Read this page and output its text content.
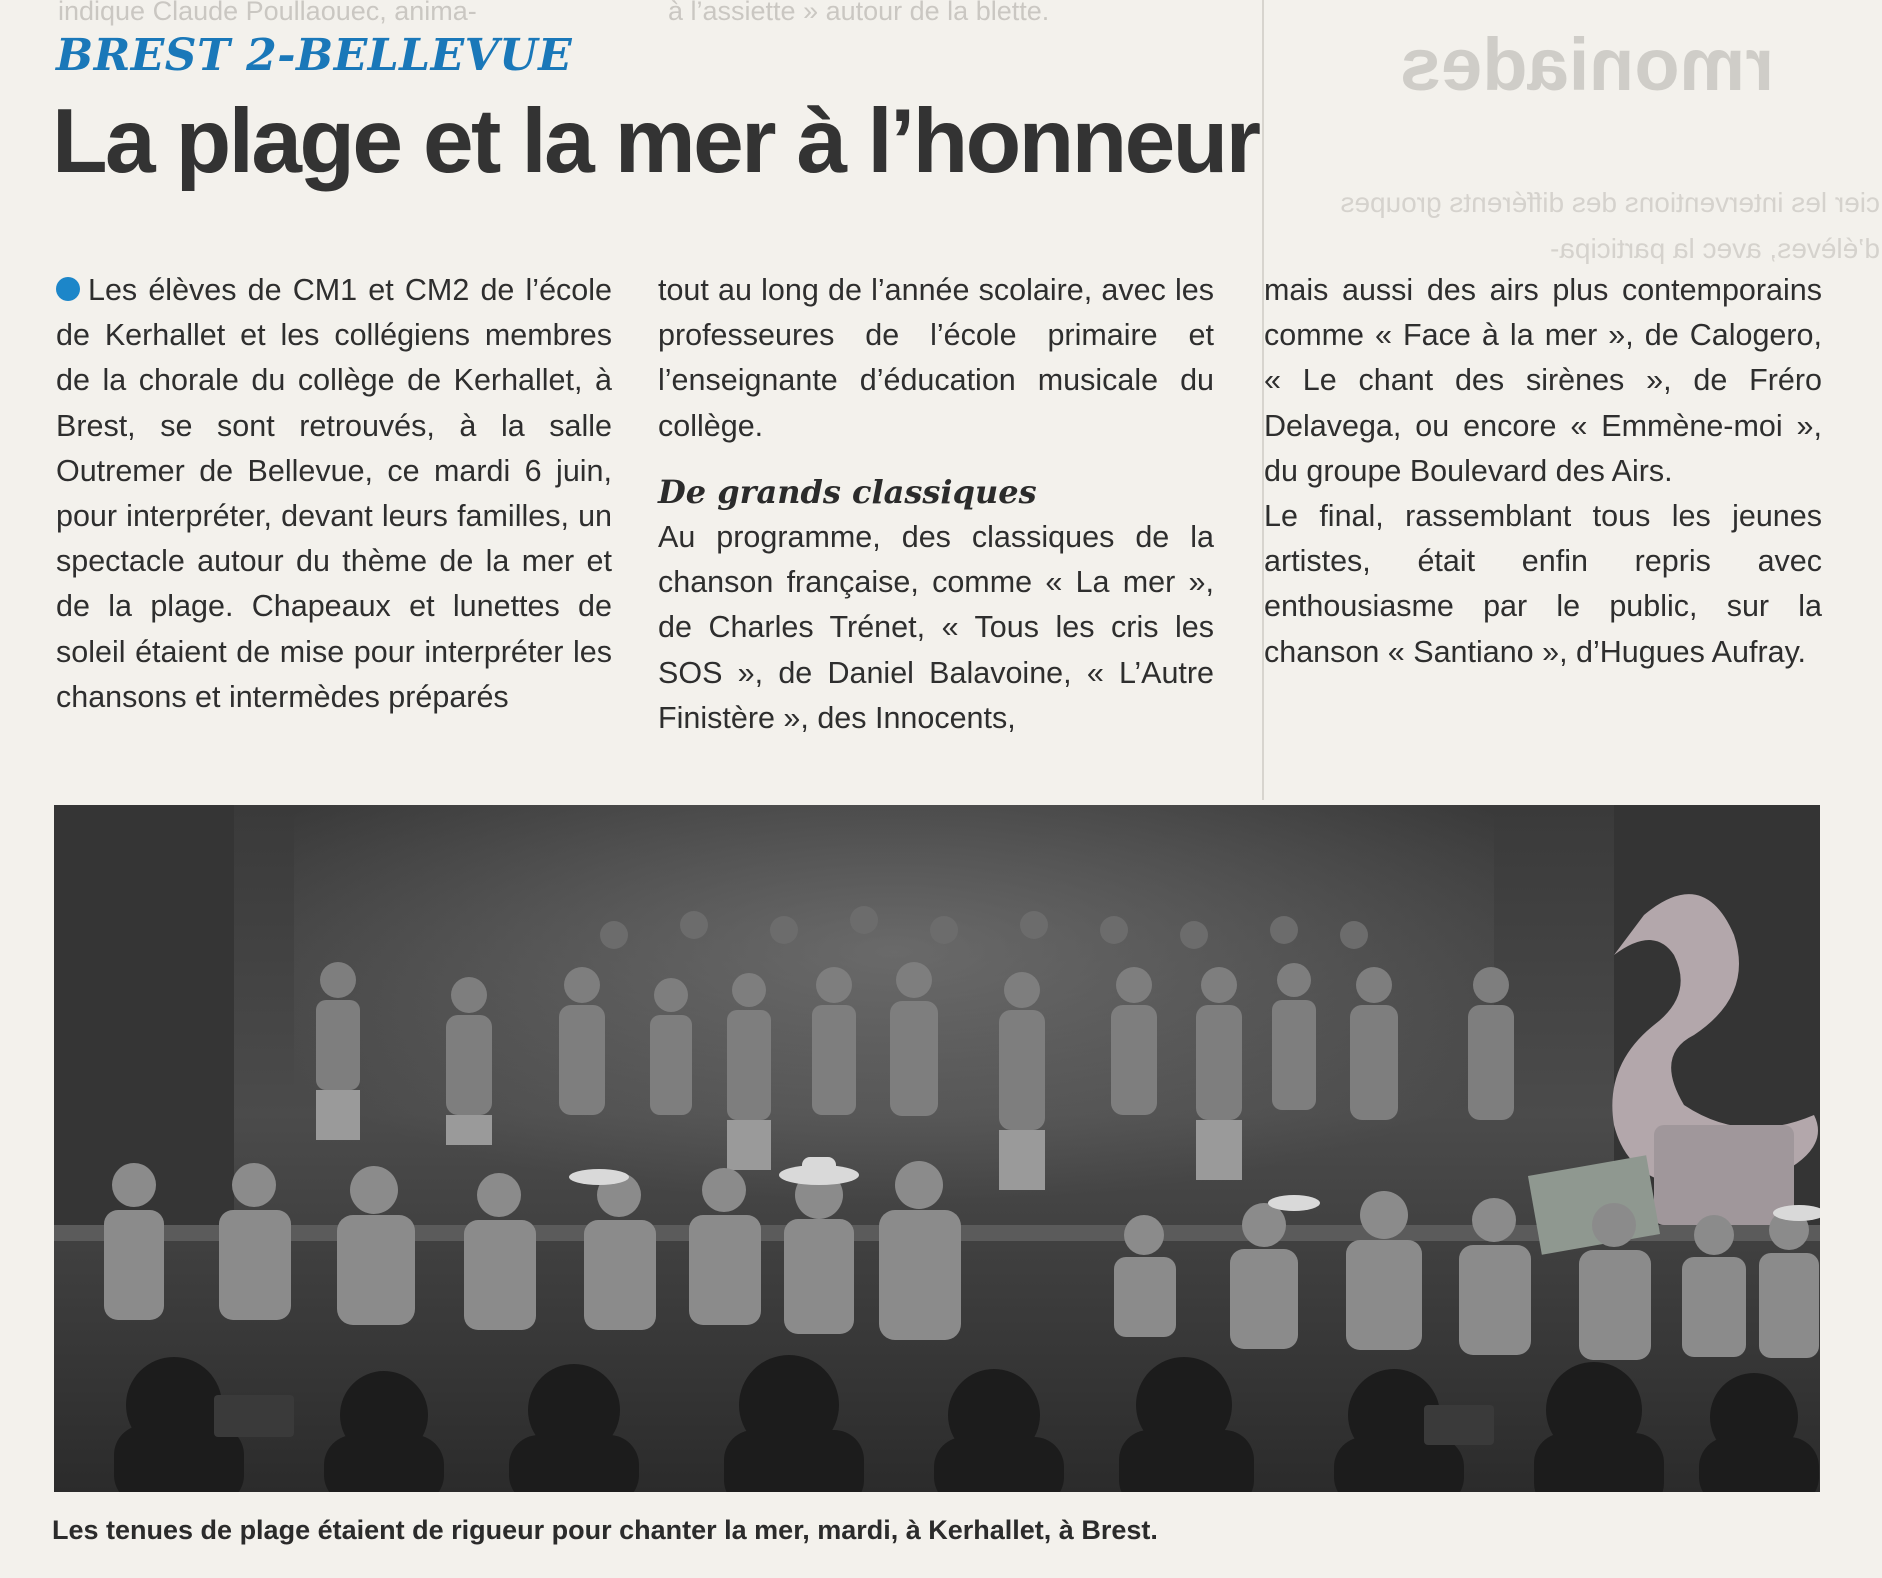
indique Claude Poullaouec, anima-	à l’assiette » autour de la blette.
rmoniades
cier les interventions des différents groupes d’élèves, avec la participa-
BREST 2-BELLEVUE
La plage et la mer à l’honneur

Les élèves de CM1 et CM2 de l’école de Kerhallet et les collégiens membres de la chorale du collège de Kerhallet, à Brest, se sont retrouvés, à la salle Outremer de Bellevue, ce mardi 6 juin, pour interpréter, devant leurs familles, un spectacle autour du thème de la mer et de la plage. Chapeaux et lunettes de soleil étaient de mise pour interpréter les chansons et intermèdes préparés

tout au long de l’année scolaire, avec les professeures de l’école primaire et l’enseignante d’éducation musicale du collège.

De grands classiques

Au programme, des classiques de la chanson française, comme « La mer », de Charles Trénet, « Tous les cris les SOS », de Daniel Balavoine, « L’Autre Finistère », des Innocents,

mais aussi des airs plus contemporains comme « Face à la mer », de Calogero, « Le chant des sirènes », de Fréro Delavega, ou encore « Emmène-moi », du groupe Boulevard des Airs.

Le final, rassemblant tous les jeunes artistes, était enfin repris avec enthousiasme par le public, sur la chanson « Santiano », d’Hugues Aufray.

Les tenues de plage étaient de rigueur pour chanter la mer, mardi, à Kerhallet, à Brest.
